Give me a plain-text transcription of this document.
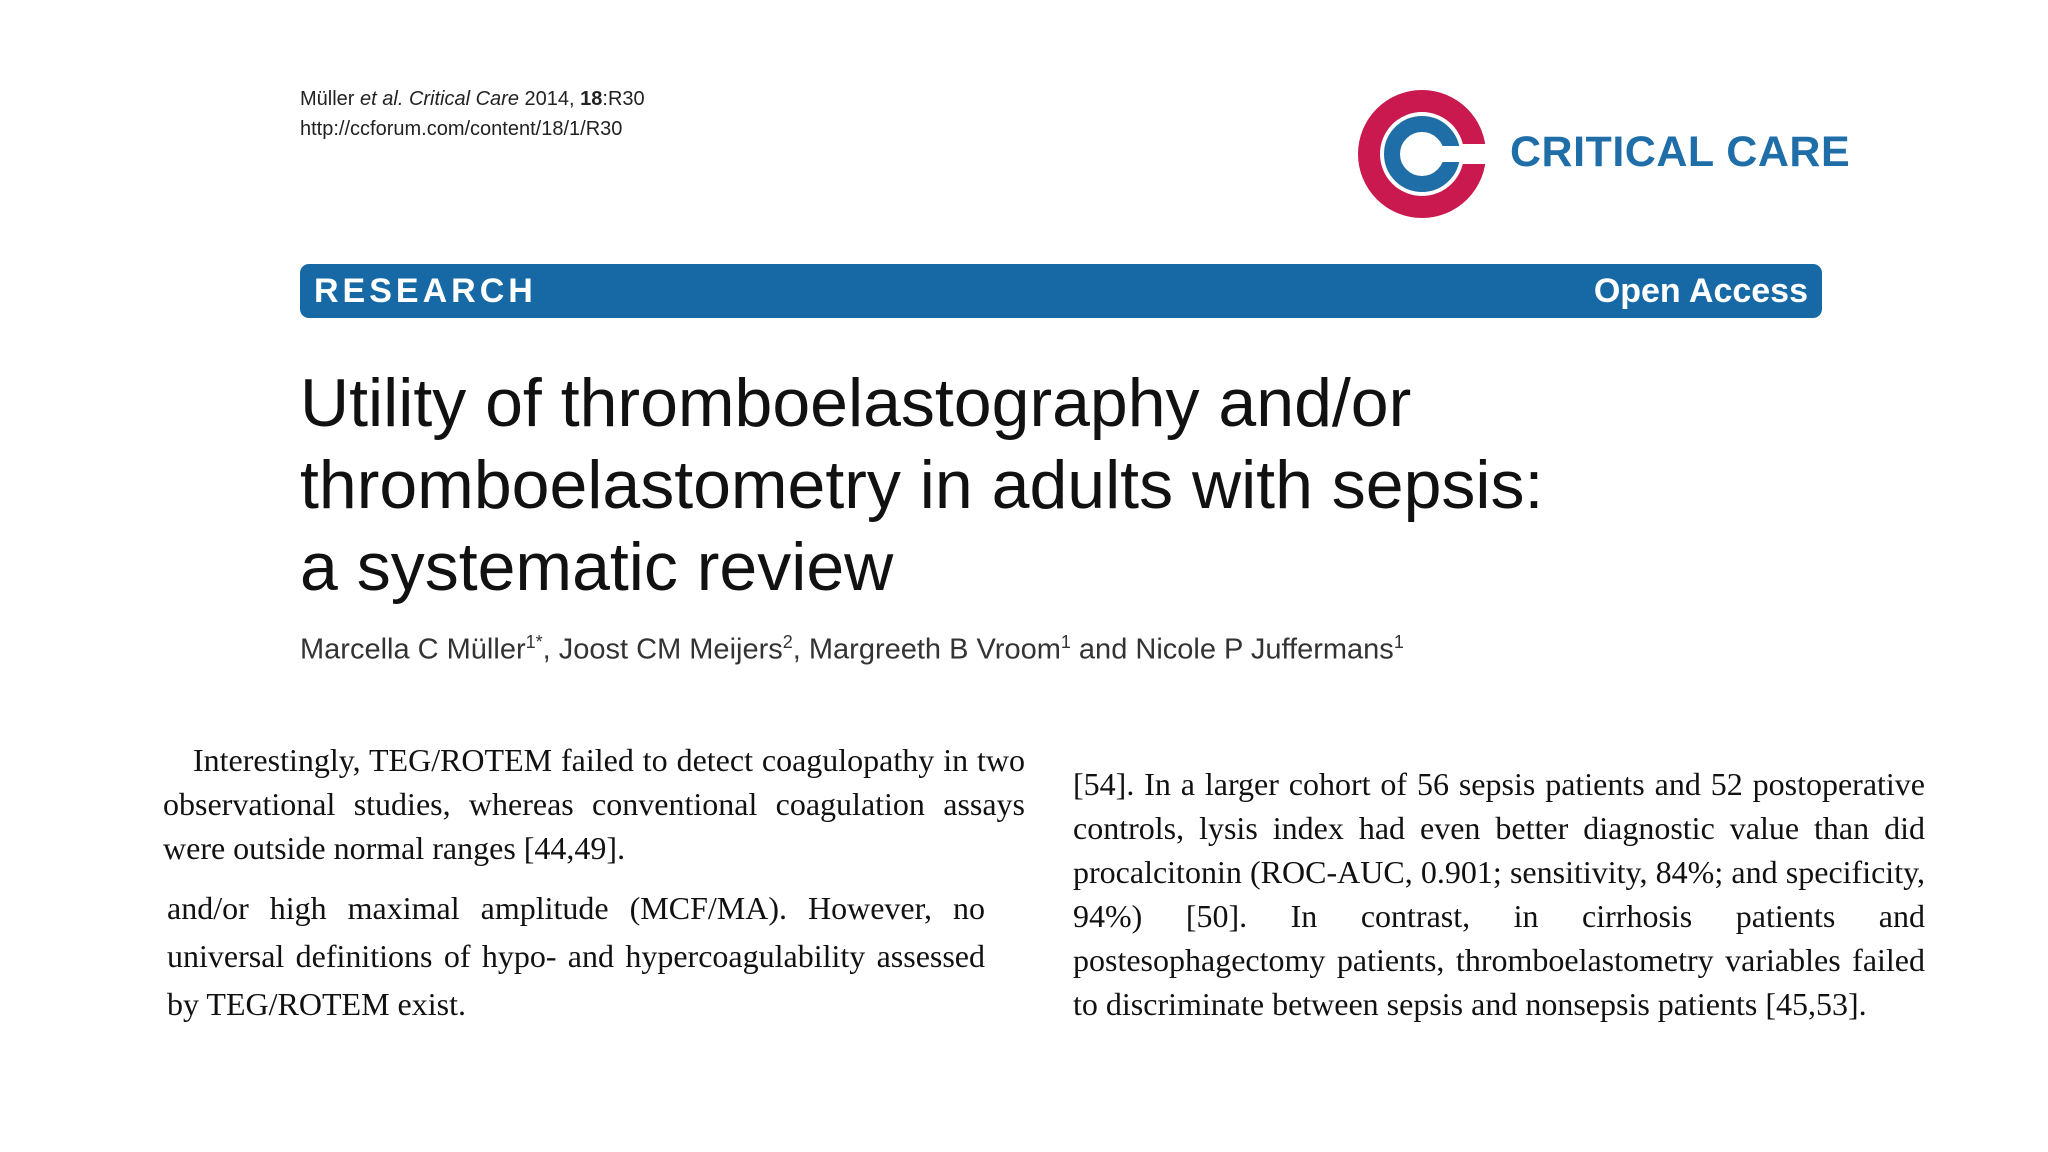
Müller et al. Critical Care 2014, 18:R30
http://ccforum.com/content/18/1/R30	CRITICAL CARE
RESEARCH	Open Access
Utility of thromboelastography and/or
thromboelastometry in adults with sepsis:
a systematic review
Marcella C Müller$^{1*}$, Joost CM Meijers$^2$, Margreeth B Vroom$^1$ and Nicole P Juffermans$^1$
Interestingly, TEG/ROTEM failed to detect coagulopathy in two observational studies, whereas conventional coagulation assays were outside normal ranges [44,49].
and/or high maximal amplitude (MCF/MA). However, no universal definitions of hypo- and hypercoagulability assessed by TEG/ROTEM exist.
[54]. In a larger cohort of 56 sepsis patients and 52 postoperative controls, lysis index had even better diagnostic value than did procalcitonin (ROC-AUC, 0.901; sensitivity, 84%; and specificity, 94%) [50]. In contrast, in cirrhosis patients and postesophagectomy patients, thromboelastometry variables failed to discriminate between sepsis and nonsepsis patients [45,53].
